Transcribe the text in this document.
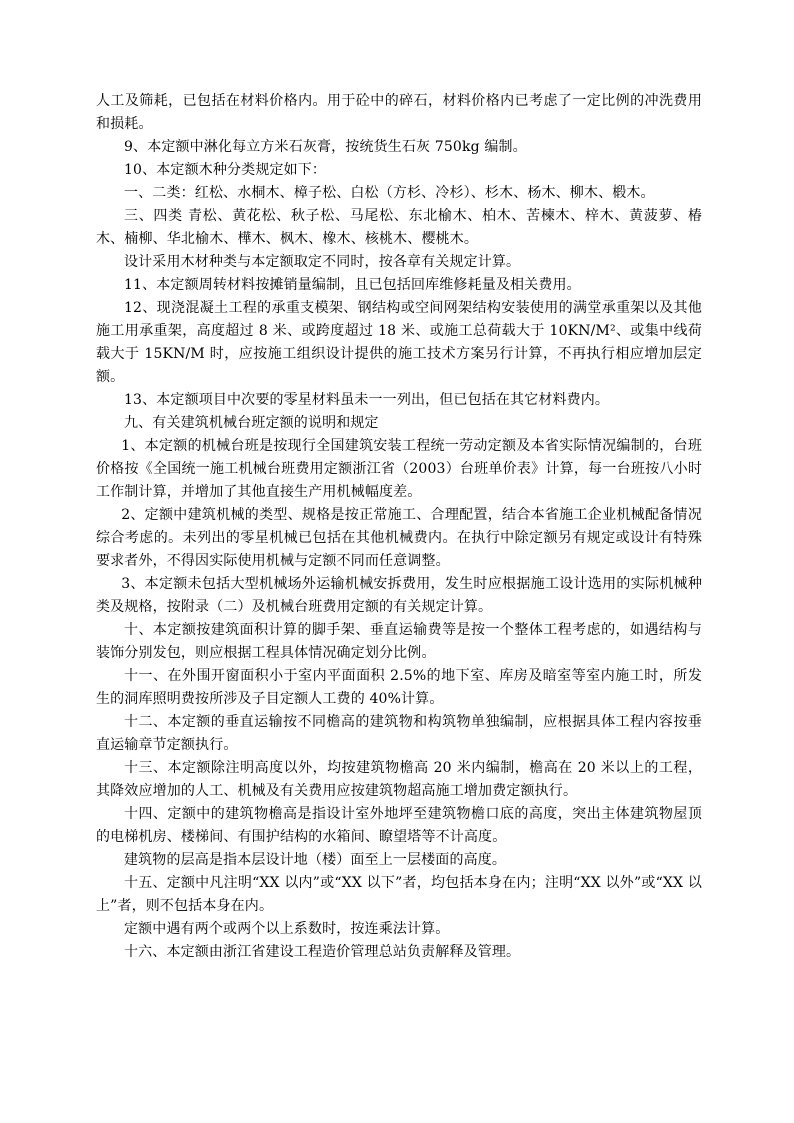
人工及筛耗，已包括在材料价格内。用于砼中的碎石，材料价格内已考虑了一定比例的冲洗费用和损耗。

9、本定额中淋化每立方米石灰膏，按统货生石灰 750kg 编制。

10、本定额木种分类规定如下：

一、二类：红松、水桐木、樟子松、白松（方杉、冷杉）、杉木、杨木、柳木、椴木。

三、四类 青松、黄花松、秋子松、马尾松、东北榆木、柏木、苦楝木、梓木、黄菠萝、椿木、楠柳、华北榆木、樺木、枫木、橡木、核桃木、樱桃木。

设计采用木材种类与本定额取定不同时，按各章有关规定计算。

11、本定额周转材料按摊销量编制，且已包括回库维修耗量及相关费用。

12、现浇混凝土工程的承重支模架、钢结构或空间网架结构安装使用的满堂承重架以及其他施工用承重架，高度超过 8 米、或跨度超过 18 米、或施工总荷载大于 10KN/M²、或集中线荷载大于 15KN/M 时，应按施工组织设计提供的施工技术方案另行计算，不再执行相应增加层定额。

13、本定额项目中次要的零星材料虽未一一列出，但已包括在其它材料费内。

九、有关建筑机械台班定额的说明和规定

1、本定额的机械台班是按现行全国建筑安装工程统一劳动定额及本省实际情况编制的，台班价格按《全国统一施工机械台班费用定额浙江省（2003）台班单价表》计算，每一台班按八小时工作制计算，并增加了其他直接生产用机械幅度差。

2、定额中建筑机械的类型、规格是按正常施工、合理配置，结合本省施工企业机械配备情况综合考虑的。未列出的零星机械已包括在其他机械费内。在执行中除定额另有规定或设计有特殊要求者外，不得因实际使用机械与定额不同而任意调整。

3、本定额未包括大型机械场外运输机械安拆费用，发生时应根据施工设计选用的实际机械种类及规格，按附录（二）及机械台班费用定额的有关规定计算。

十、本定额按建筑面积计算的脚手架、垂直运输费等是按一个整体工程考虑的，如遇结构与装饰分别发包，则应根据工程具体情况确定划分比例。

十一、在外围开窗面积小于室内平面面积 2.5%的地下室、库房及暗室等室内施工时，所发生的洞库照明费按所涉及子目定额人工费的 40%计算。

十二、本定额的垂直运输按不同檐高的建筑物和构筑物单独编制，应根据具体工程内容按垂直运输章节定额执行。

十三、本定额除注明高度以外，均按建筑物檐高 20 米内编制，檐高在 20 米以上的工程，其降效应增加的人工、机械及有关费用应按建筑物超高施工增加费定额执行。

十四、定额中的建筑物檐高是指设计室外地坪至建筑物檐口底的高度，突出主体建筑物屋顶的电梯机房、楼梯间、有围护结构的水箱间、瞭望塔等不计高度。

建筑物的层高是指本层设计地（楼）面至上一层楼面的高度。

十五、定额中凡注明“XX 以内”或“XX 以下”者，均包括本身在内；注明“XX 以外”或“XX 以上”者，则不包括本身在内。

定额中遇有两个或两个以上系数时，按连乘法计算。

十六、本定额由浙江省建设工程造价管理总站负责解释及管理。
